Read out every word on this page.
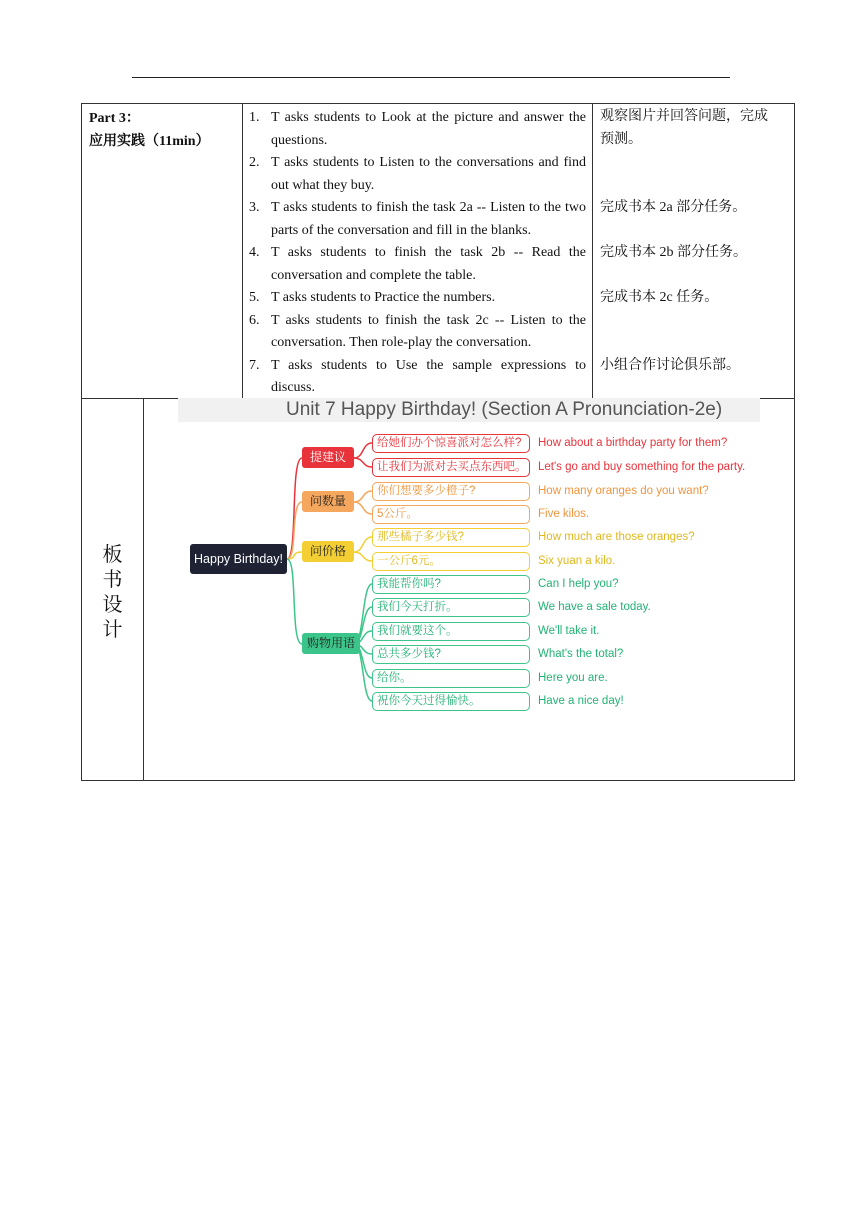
Part 3：
应用实践（11min）
1. T asks students to Look at the picture and answer the questions.
2. T asks students to Listen to the conversations and find out what they buy.
3. T asks students to finish the task 2a -- Listen to the two parts of the conversation and fill in the blanks.
4. T asks students to finish the task 2b -- Read the conversation and complete the table.
5. T asks students to Practice the numbers.
6. T asks students to finish the task 2c -- Listen to the conversation. Then role-play the conversation.
7. T asks students to Use the sample expressions to discuss.
观察图片并回答问题，完成
预测。
完成书本 2a 部分任务。
完成书本 2b 部分任务。
完成书本 2c 任务。
小组合作讨论俱乐部。
板
书
设
计
Unit 7 Happy Birthday! (Section A Pronunciation-2e)
Happy Birthday!
提建议
问数量
问价格
购物用语
给她们办个惊喜派对怎么样?
让我们为派对去买点东西吧。
你们想要多少橙子?
5公斤。
那些橘子多少钱?
一公斤6元。
我能帮你吗?
我们今天打折。
我们就要这个。
总共多少钱?
给你。
祝你今天过得愉快。
How about a birthday party for them?
Let's go and buy something for the party.
How many oranges do you want?
Five kilos.
How much are those oranges?
Six yuan a kilo.
Can I help you?
We have a sale today.
We'll take it.
What's the total?
Here you are.
Have a nice day!
